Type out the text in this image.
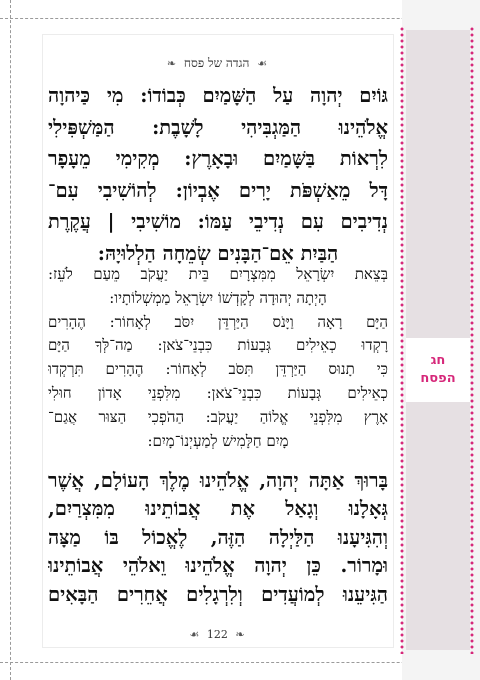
חג
הפסח
☙ הגדה של פסח ❧
גּוֹיִם יְהוָה עַל הַשָּׁמַיִם כְּבוֹדוֹ: מִי כַּיהוָה
אֱלֹהֵינוּ הַמַּגְבִּיהִי לָשָׁבֶת: הַמַּשְׁפִּילִי
לִרְאוֹת בַּשָּׁמַיִם וּבָאָרֶץ: מְקִימִי מֵעָפָר
דָּל מֵאַשְׁפֹּת יָרִים אֶבְיוֹן: לְהוֹשִׁיבִי עִם־
נְדִיבִים עִם נְדִיבֵי עַמּוֹ: מוֹשִׁיבִי | עֲקֶרֶת
הַבַּיִת אֵם־הַבָּנִים שְׂמֵחָה הַלְלוּיָהּ:
בְּצֵאת יִשְׂרָאֵל מִמִּצְרָיִם בֵּית יַעֲקֹב מֵעַם לֹעֵז:
הָיְתָה יְהוּדָה לְקָדְשׁוֹ יִשְׂרָאֵל מַמְשְׁלוֹתָיו:
הַיָּם רָאָה וַיָּנֹס הַיַּרְדֵּן יִסֹּב לְאָחוֹר: הֶהָרִים
רָקְדוּ כְאֵילִים גְּבָעוֹת כִּבְנֵי־צֹאן: מַה־לְּךָ הַיָּם
כִּי תָנוּס הַיַּרְדֵּן תִּסֹּב לְאָחוֹר: הֶהָרִים תִּרְקְדוּ
כְאֵילִים גְּבָעוֹת כִּבְנֵי־צֹאן: מִלִּפְנֵי אָדוֹן חוּלִי
אָרֶץ מִלִּפְנֵי אֱלוֹהַ יַעֲקֹב: הַהֹפְכִי הַצּוּר אֲגַם־
מָיִם חַלָּמִישׁ לְמַעְיְנוֹ־מָיִם:
בָּרוּךְ אַתָּה יְהוָה, אֱלֹהֵינוּ מֶלֶךְ הָעוֹלָם, אֲשֶׁר
גְּאָלָנוּ וְגָאַל אֶת אֲבוֹתֵינוּ מִמִּצְרַיִם,
וְהִגִּיעָנוּ הַלַּיְלָה הַזֶּה, לֶאֱכוֹל בּוֹ מַצָּה
וּמָרוֹר. כֵּן יְהוָה אֱלֹהֵינוּ וֵאלֹהֵי אֲבוֹתֵינוּ
הַגִּיעֵנוּ לְמוֹעֲדִים וְלִרְגָלִים אֲחֵרִים הַבָּאִים
☙ 122 ❧
